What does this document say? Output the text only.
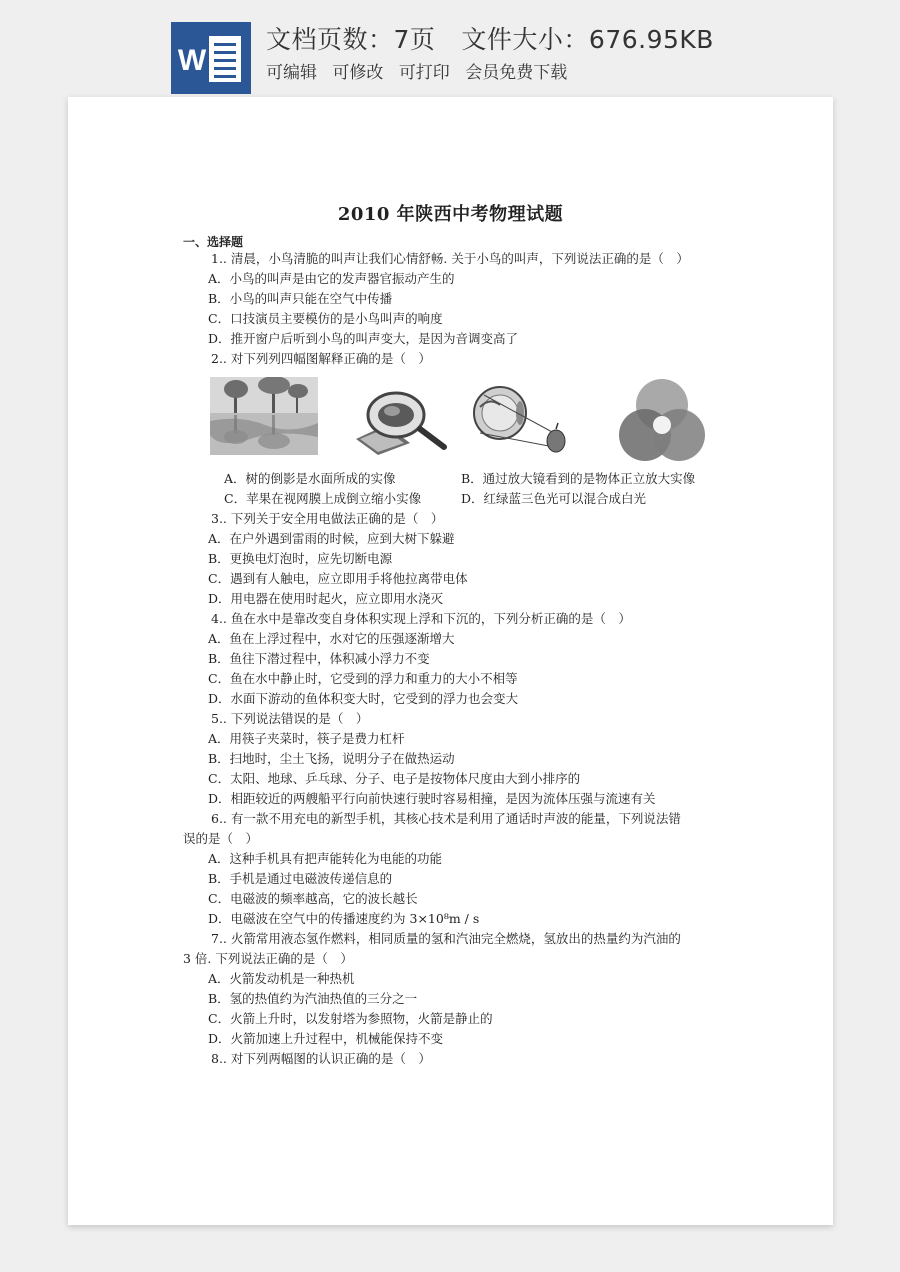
W
文档页数：7页 文件大小：676.95KB
可编辑 可修改 可打印 会员免费下载
2010 年陕西中考物理试题
一、选择题
1.. 清晨，小鸟清脆的叫声让我们心情舒畅. 关于小鸟的叫声，下列说法正确的是（　）
A．小鸟的叫声是由它的发声器官振动产生的
B．小鸟的叫声只能在空气中传播
C．口技演员主要模仿的是小鸟叫声的响度
D．推开窗户后听到小鸟的叫声变大，是因为音调变高了
2.. 对下列列四幅图解释正确的是（　）
A．树的倒影是水面所成的实像	B．通过放大镜看到的是物体正立放大实像
C．苹果在视网膜上成倒立缩小实像	D．红绿蓝三色光可以混合成白光
3.. 下列关于安全用电做法正确的是（　）
A．在户外遇到雷雨的时候，应到大树下躲避
B．更换电灯泡时，应先切断电源
C．遇到有人触电，应立即用手将他拉离带电体
D．用电器在使用时起火，应立即用水浇灭
4.. 鱼在水中是靠改变自身体积实现上浮和下沉的，下列分析正确的是（　）
A．鱼在上浮过程中，水对它的压强逐渐增大
B．鱼往下潜过程中，体积减小浮力不变
C．鱼在水中静止时，它受到的浮力和重力的大小不相等
D．水面下游动的鱼体积变大时，它受到的浮力也会变大
5.. 下列说法错误的是（　）
A．用筷子夹菜时，筷子是费力杠杆
B．扫地时，尘土飞扬，说明分子在做热运动
C．太阳、地球、乒乓球、分子、电子是按物体尺度由大到小排序的
D．相距较近的两艘船平行向前快速行驶时容易相撞，是因为流体压强与流速有关
6.. 有一款不用充电的新型手机，其核心技术是利用了通话时声波的能量，下列说法错
误的是（　）
A．这种手机具有把声能转化为电能的功能
B．手机是通过电磁波传递信息的
C．电磁波的频率越高，它的波长越长
D．电磁波在空气中的传播速度约为 3×10⁸m / s
7.. 火箭常用液态氢作燃料，相同质量的氢和汽油完全燃烧，氢放出的热量约为汽油的
3 倍. 下列说法正确的是（　）
A．火箭发动机是一种热机
B．氢的热值约为汽油热值的三分之一
C．火箭上升时，以发射塔为参照物，火箭是静止的
D．火箭加速上升过程中，机械能保持不变
8.. 对下列两幅图的认识正确的是（　）
